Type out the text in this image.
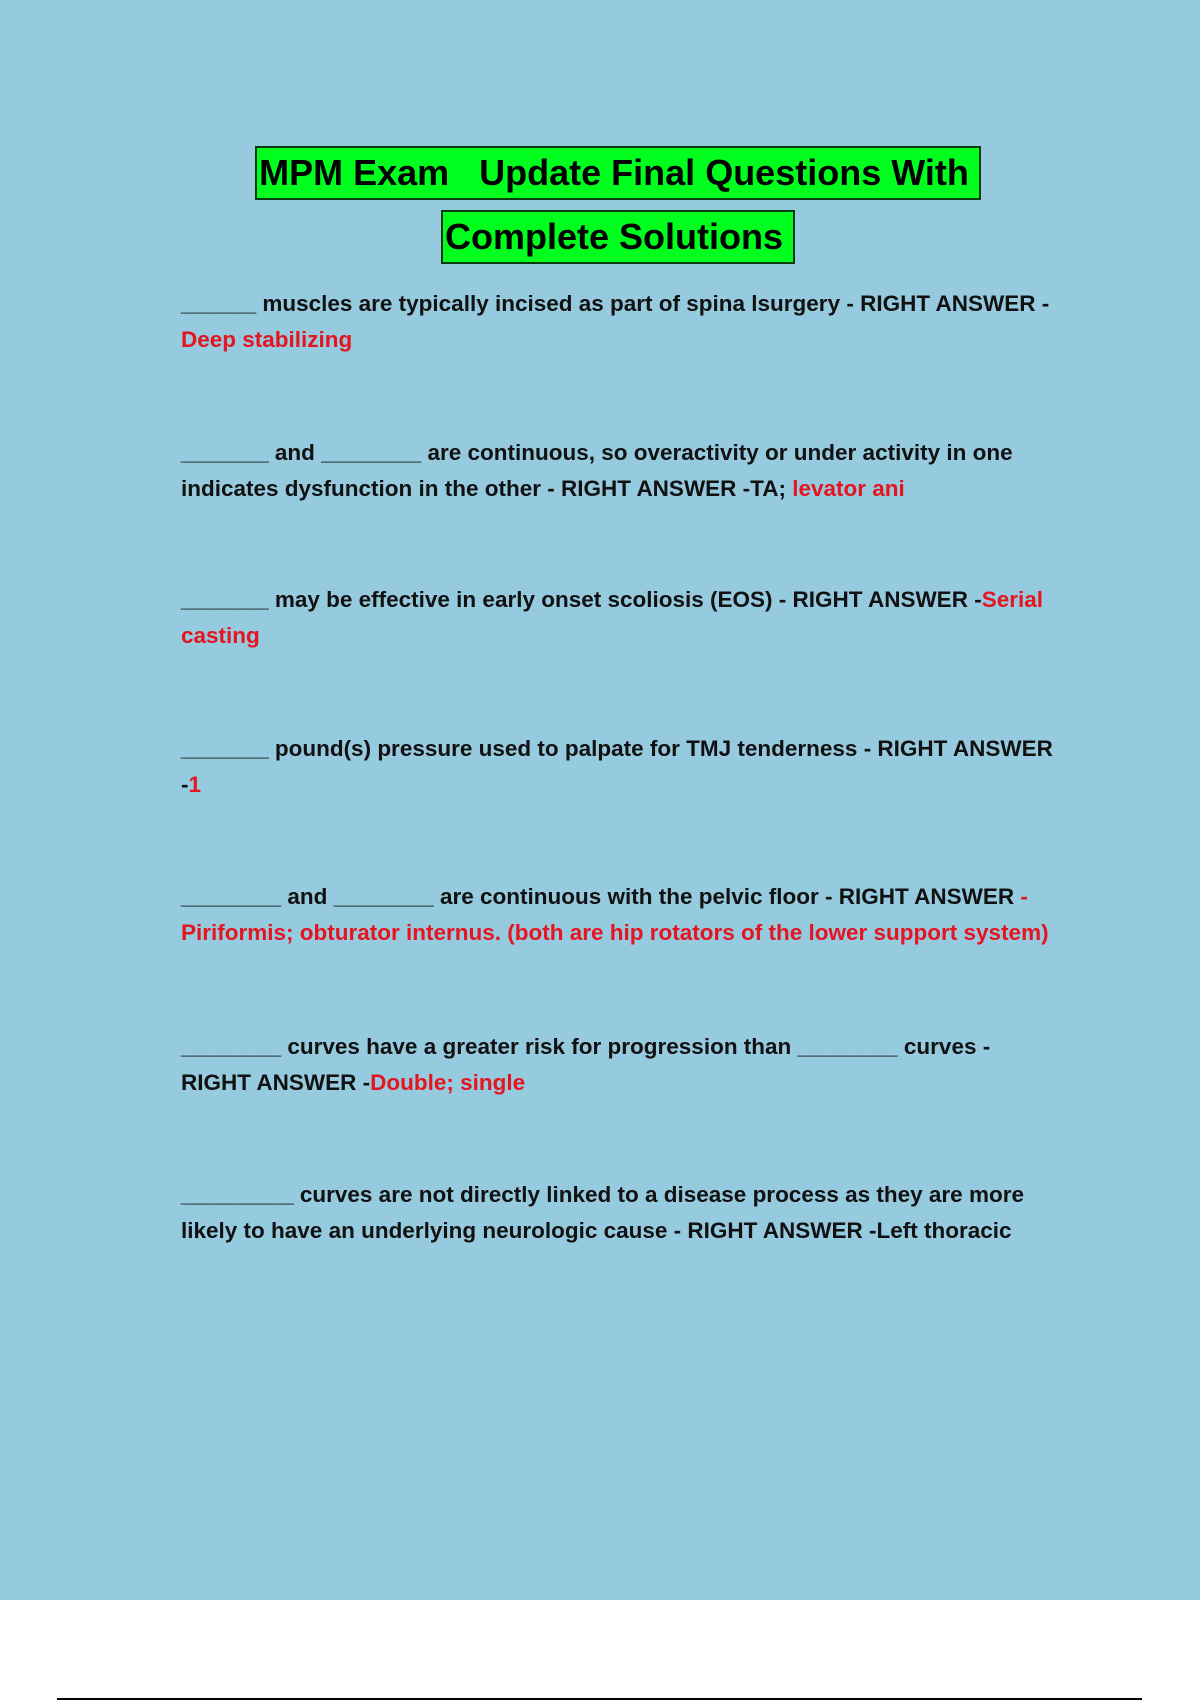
MPM Exam   Update Final Questions With
Complete Solutions

______ muscles are typically incised as part of spina lsurgery - RIGHT ANSWER -Deep stabilizing

_______ and ________ are continuous, so overactivity or under activity in one indicates dysfunction in the other - RIGHT ANSWER -TA; levator ani

_______ may be effective in early onset scoliosis (EOS) - RIGHT ANSWER -Serial casting

_______ pound(s) pressure used to palpate for TMJ tenderness - RIGHT ANSWER -1

________ and ________ are continuous with the pelvic floor - RIGHT ANSWER -Piriformis; obturator internus. (both are hip rotators of the lower support system)

________ curves have a greater risk for progression than ________ curves - RIGHT ANSWER -Double; single

_________ curves are not directly linked to a disease process as they are more likely to have an underlying neurologic cause - RIGHT ANSWER -Left thoracic
